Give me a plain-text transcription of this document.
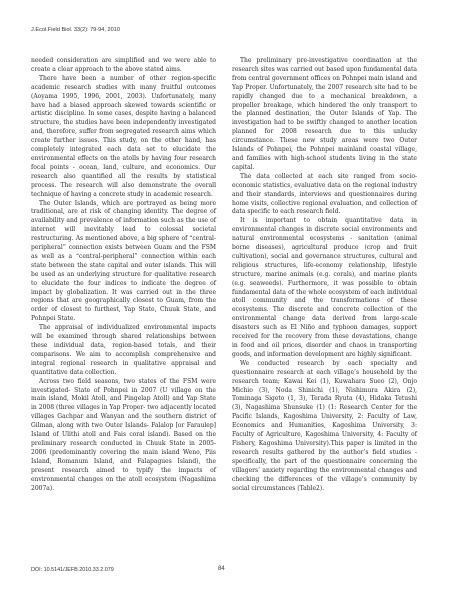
J.Ecol.Field Biol. 33(2): 79-94, 2010

needed consideration are simplified and we were able to create a clear approach to the above stated aims.

There have been a number of other region-specific academic research studies with many fruitful outcomes (Aoyama 1995, 1996, 2001, 2003). Unfortunately, many have had a biased approach skewed towards scientific or artistic discipline. In some cases, despite having a balanced structure, the studies have been independently investigated and, therefore, suffer from segregated research aims which create further issues. This study, on the other hand, has completely integrated each data set to elucidate the environmental effects on the atolls by having four research focal points - ocean, land, culture, and economics. Our research also quantified all the results by statistical process. The research will also demonstrate the overall technique of having a concrete study in academic research.

The Outer Islands, which are portrayed as being more traditional, are at risk of changing identity. The degree of availability and prevalence of information such as the use of internet will inevitably lead to colossal societal restructuring. As mentioned above, a big sphere of “central-peripheral” connection exists between Guam and the FSM as well as a “central-peripheral” connection within each state between the state capital and outer islands. This will be used as an underlying structure for qualitative research to elucidate the four indices to indicate the degree of impact by globalization. It was carried out in the three regions that are geographically closest to Guam, from the order of closest to furthest, Yap State, Chuuk State, and Pohnpei State.

The appraisal of individualized environmental impacts will be examined through shared relationships between these individual data, region-based totals, and their comparisons. We aim to accomplish comprehensive and integral regional research in qualitative appraisal and quantitative data collection.

Across two field seasons, two states of the FSM were investigated- State of Pohnpei in 2007 (U village on the main island, Mokil Atoll, and Pingelap Atoll) and Yap State in 2008 (three villages in Yap Proper- two adjacently located villages Gachpar and Wanyan and the southern district of Gilman, along with two Outer Islands- Falalop [or Faraulep] Island of Ulithi atoll and Fais coral island). Based on the preliminary research conducted in Chuuk State in 2005-2006 (predominantly covering the main island Weno, Piis Island, Romanum Island, and Falapagues Island), the present research aimed to typify the impacts of environmental changes on the atoll ecosystem (Nagashima 2007a).

The preliminary pre-investigative coordination at the research sites was carried out based upon fundamental data from central government offices on Pohnpei main island and Yap Proper. Unfortunately, the 2007 research site had to be rapidly changed due to a mechanical breakdown, a propeller breakage, which hindered the only transport to the planned destination, the Outer Islands of Yap. The investigation had to be swiftly changed to another location planned for 2008 research due to this unlucky circumstance. These new study areas were two Outer Islands of Pohnpei, the Pohnpei mainland coastal village, and families with high-school students living in the state capital.

The data collected at each site ranged from socio-economic statistics, evaluative data on the regional industry and their standards, interviews and questionnaires during home visits, collective regional evaluation, and collection of data specific to each research field.

It is important to obtain quantitative data in environmental changes in discrete social environments and natural environmental ecosystems - sanitation (animal borne diseases), agricultural produce (crop and fruit cultivation), social and governance structures, cultural and religious structures, life-economy relationship, lifestyle structure, marine animals (e.g. corals), and marine plants (e.g. seaweeds). Furthermore, it was possible to obtain fundamental data of the whole ecosystem of each individual atoll community and the transformations of these ecosystems. The discrete and concrete collection of the environmental change data derived from large-scale disasters such as El Niño and typhoon damages, support received for the recovery from these devastations, change in food and oil prices, disorder and chaos in transporting goods, and information development are highly significant.

We conducted research by each specialty and questionnaire research at each village’s household by the research team; Kawai Kei (1), Kuwahara Sueo (2), Onjo Michio (3), Noda Shinichi (1), Nishimura Akira (2), Tominaga Sigeto (1, 3), Terada Ryuta (4), Hidaka Tetushi (3), Nagashima Shunsuke (1) (1: Research Center for the Pacific Islands, Kagoshima University, 2: Faculty of Law, Economics and Humanities, Kagoshima University, 3: Faculty of Agriculture, Kagoshima University, 4: Faculty of Fishery, Kagoshima University).This paper is limited in the research results gathered by the author’s field studies - specifically, the part of the questionnaire concerning the villagers’ anxiety regarding the environmental changes and checking the differences of the village’s community by social circumstances (Table2).

DOI: 10.5141/JEFB.2010.33.2.079	84
